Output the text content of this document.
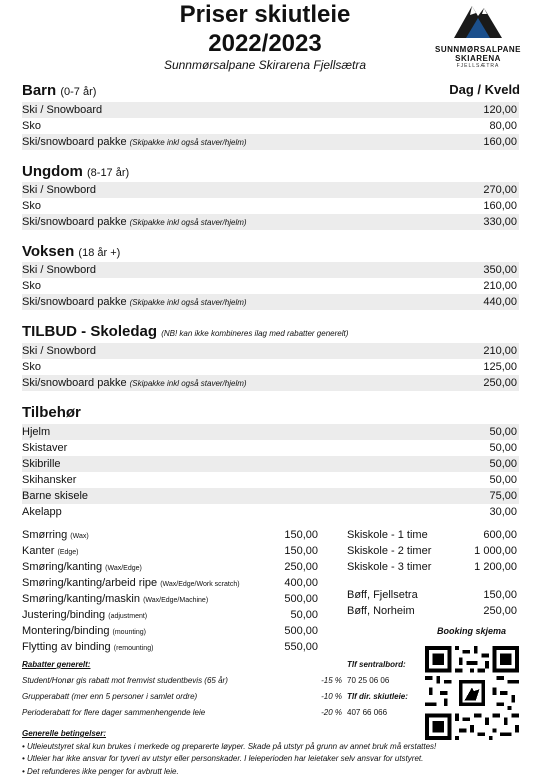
Priser skiutleie
2022/2023
Sunnmørsalpane Skirarena Fjellsætra
SUNNMØRSALPANE
SKIARENA
FJELLSÆTRA
Barn (0-7 år)	Dag / Kveld
Ski / Snowboard	120,00
Sko	80,00
Ski/snowboard pakke (Skipakke inkl også staver/hjelm)	160,00
Ungdom (8-17 år)
Ski / Snowbord	270,00
Sko	160,00
Ski/snowboard pakke (Skipakke inkl også staver/hjelm)	330,00
Voksen (18 år +)
Ski / Snowbord	350,00
Sko	210,00
Ski/snowboard pakke (Skipakke inkl også staver/hjelm)	440,00
TILBUD - Skoledag (NB! kan ikke kombineres ilag med rabatter generelt)
Ski / Snowbord	210,00
Sko	125,00
Ski/snowboard pakke (Skipakke inkl også staver/hjelm)	250,00
Tilbehør
Hjelm	50,00
Skistaver	50,00
Skibrille	50,00
Skihansker	50,00
Barne skisele	75,00
Akelapp	30,00
Smørring (Wax)	150,00
Kanter (Edge)	150,00
Smøring/kanting (Wax/Edge)	250,00
Smøring/kanting/arbeid ripe (Wax/Edge/Work scratch)	400,00
Smøring/kanting/maskin (Wax/Edge/Machine)	500,00
Justering/binding (adjustment)	50,00
Montering/binding (mounting)	500,00
Flytting av binding (remounting)	550,00
Skiskole - 1 time	600,00
Skiskole - 2 timer	1 000,00
Skiskole - 3 timer	1 200,00
Bøff, Fjellsetra	150,00
Bøff, Norheim	250,00
Booking skjema
Rabatter generelt:
Student/Honør gis rabatt mot fremvist studentbevis (65 år)	-15 %
Grupperabatt (mer enn 5 personer i samlet ordre)	-10 %
Perioderabatt for flere dager sammenhengende leie	-20 %
Tlf sentralbord:
70 25 06 06
Tlf dir. skiutleie:
407 66 066
Generelle betingelser:
• Utleieutstyret skal kun brukes i merkede og preparerte løyper. Skade på utstyr på grunn av annet bruk må erstattes!
• Utleier har ikke ansvar for tyveri av utstyr eller personskader. I leieperioden har leietaker selv ansvar for utstyret.
• Det refunderes ikke penger for avbrutt leie.
